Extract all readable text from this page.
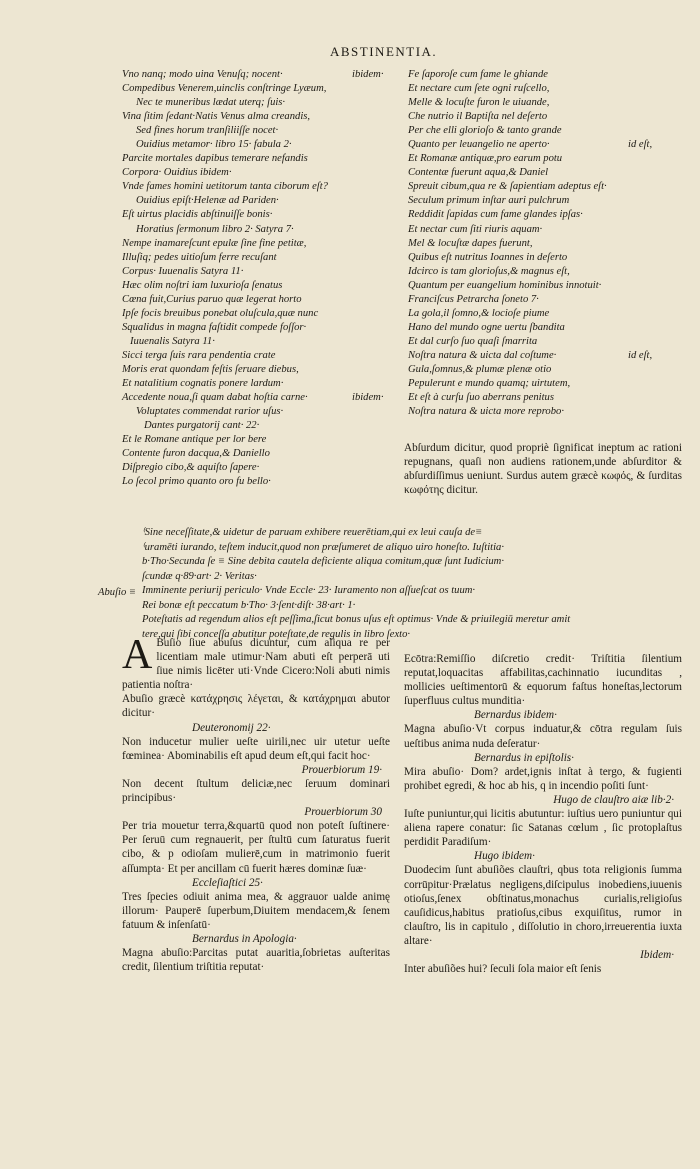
ABSTINENTIA.
Vno nanq; modo uina Venuſq; nocent·	ibidem·
Compedibus Venerem,uinclis conſtringe Lyæum,
Nec te muneribus lædat uterq; ſuis·
Vina ſitim ſedant·Natis Venus alma creandis,
Sed fines horum tranſiliiſſe nocet·
Ouidius metamor· libro 15· fabula 2·
Parcite mortales dapibus temerare nefandis
Corpora· Ouidius ibidem·
Vnde fames homini uetitorum tanta ciborum eſt?
Ouidius epiſt·Helenæ ad Pariden·
Eſt uirtus placidis abſtinuiſſe bonis·
Horatius ſermonum libro 2· Satyra 7·
Nempe inamareſcunt epulæ ſine fine petitæ,
Illuſiq; pedes uitioſum ferre recuſant
Corpus· Iuuenalis Satyra 11·
Hæc olim noſtri iam luxurioſa ſenatus
Cœna fuit,Curius paruo quæ legerat horto
Ipſe focis breuibus ponebat oluſcula,quæ nunc
Squalidus in magna faſtidit compede foſſor·
Iuuenalis Satyra 11·
Sicci terga ſuis rara pendentia crate
Moris erat quondam feſtis ſeruare diebus,
Et natalitium cognatis ponere lardum·
Accedente noua,ſi quam dabat hoſtia carne·	ibidem·
Voluptates commendat rarior uſus·
Dantes purgatorij cant· 22·
Et le Romane antique per lor bere
Contente furon dacqua,& Daniello
Diſpregio cibo,& aquiſto ſapere·
Lo ſecol primo quanto oro fu bello·
Fe ſaporoſe cum fame le ghiande
Et nectare cum ſete ogni ruſcello,
Melle & locuſte furon le uiuande,
Che nutrio il Baptiſta nel deſerto
Per che elli glorioſo & tanto grande
Quanto per leuangelio ne aperto·	id eſt,
Et Romanæ antiquæ,pro earum potu
Contentæ fuerunt aqua,& Daniel
Spreuit cibum,qua re & ſapientiam adeptus eſt·
Seculum primum inſtar auri pulchrum
Reddidit ſapidas cum fame glandes ipſas·
Et nectar cum ſiti riuris aquam·
Mel & locuſtæ dapes fuerunt,
Quibus eſt nutritus Ioannes in deſerto
Idcirco is tam glorioſus,& magnus eſt,
Quantum per euangelium hominibus innotuit·
Franciſcus Petrarcha ſoneto 7·
La gola,il ſomno,& locioſe piume
Hano del mundo ogne uertu ſbandita
Et dal curſo ſuo quaſi ſmarrita
Noſtra natura & uicta dal coſtume·	id eſt,
Gula,ſomnus,& plumæ plenæ otio
Pepulerunt e mundo quamq; uirtutem,
Et eſt à curſu ſuo aberrans penitus
Noſtra natura & uicta more reprobo·
Abſurdum dicitur, quod propriè ſignificat ineptum ac rationi repugnans, quaſi non audiens rationem,unde abſurditor & abſurdiſſimus ueniunt. Surdus autem græcè κωφός, & ſurditas κωφότης dicitur.
⁽Sine neceſſitate,& uidetur de paruam exhibere reuerētiam,qui ex leui cauſa de≡
⁽uramēti iurando, teſtem inducit,quod non præſumeret de aliquo uiro honeſto. Iuſtitia·
b·Tho·Secunda ſe ≡ Sine debita cautela deficiente aliqua comitum,quæ ſunt Iudicium·
ſcundæ q·89·art· 2· Veritas·
Imminente periurij periculo· Vnde Eccle· 23· Iuramento non aſſueſcat os tuum·
Rei bonæ eſt peccatum b·Tho· 3·ſent·diſt· 38·art· 1·
Poteſtatis ad regendum alios eſt peſſima,ſicut bonus uſus eſt optimus· Vnde & priuilegiū meretur amit
tere,qui ſibi conceſſa abutitur poteſtate,de regulis in libro ſexto·
Abuſio ≡

A Buſio ſiue abuſus dicuntur, cum aliqua re per licentiam male utimur·Nam abuti eſt perperā uti ſiue nimis licēter uti·Vnde Cicero:Noli abuti nimis patientia noſtra·

Abuſio græcè κατάχρησις λέγεται, & κατάχρημαι abutor dicitur·

Deuteronomij 22·

Non inducetur mulier ueſte uirili,nec uir utetur ueſte fœminea· Abominabilis eſt apud deum eſt,qui facit hoc·

Prouerbiorum 19·

Non decent ſtultum deliciæ,nec ſeruum dominari principibus·

Prouerbiorum 30

Per tria mouetur terra,&quartū quod non poteſt ſuſtinere· Per ſeruū cum regnauerit, per ſtultū cum ſaturatus fuerit cibo, & p odioſam mulierē,cum in matrimonio fuerit aſſumpta· Et per ancillam cū fuerit hæres dominæ ſuæ·

Eccleſiaſtici 25·

Tres ſpecies odiuit anima mea, & aggrauor ualde animę illorum· Pauperē ſuperbum,Diuitem mendacem,& ſenem fatuum & inſenſatū·

Bernardus in Apologia·

Magna abuſio:Parcitas putat auaritia,ſobrietas auſteritas credit, ſilentium triſtitia reputat·

Ecōtra:Remiſſio diſcretio credit· Triſtitia ſilentium reputat,loquacitas affabilitas,cachinnatio iucunditas , mollicies ueſtimentorū & equorum faſtus honeſtas,lectorum ſuperfluus cultus munditia·

Bernardus ibidem·

Magna abuſio·Vt corpus induatur,& cōtra regulam ſuis ueſtibus anima nuda deſeratur·

Bernardus in epiſtolis·

Mira abuſio· Dom? ardet,ignis inſtat à tergo, & fugienti prohibet egredi, & hoc ab his, q in incendio poſiti ſunt·

Hugo de clauſtro aiæ lib·2·

Iuſte puniuntur,qui licitis abutuntur: iuſtius uero puniuntur qui aliena rapere conatur: ſic Satanas cœlum , ſic protoplaſtus perdidit Paradiſum·

Hugo ibidem·

Duodecim ſunt abuſiões clauſtri, qbus tota religionis ſumma corrūpitur·Prælatus negligens,diſcipulus inobediens,iuuenis otioſus,ſenex obſtinatus,monachus curialis,religioſus cauſidicus,habitus pratioſus,cibus exquiſitus, rumor in clauſtro, lis in capitulo , diſſolutio in choro,irreuerentia iuxta altare·

Ibidem·

Inter abuſiões hui? ſeculi ſola maior eſt ſenis
